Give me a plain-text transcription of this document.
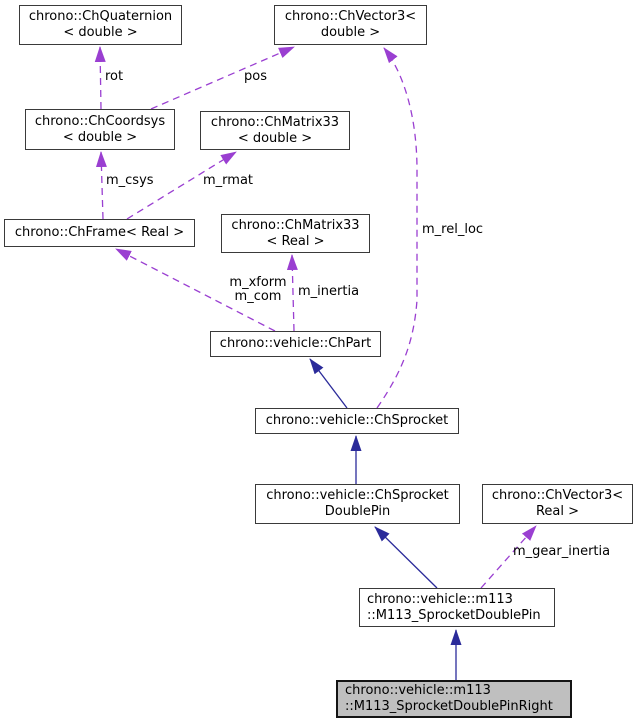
chrono::ChQuaternion
< double >
chrono::ChVector3<
double >
chrono::ChCoordsys
< double >
chrono::ChMatrix33
< double >
chrono::ChFrame< Real >	chrono::ChMatrix33
< Real >
chrono::vehicle::ChPart
chrono::vehicle::ChSprocket
chrono::vehicle::ChSprocket
DoublePin
chrono::ChVector3<
Real >
chrono::vehicle::m113
::M113_SprocketDoublePin
chrono::vehicle::m113
::M113_SprocketDoublePinRight
rot	pos
m_csys	m_rmat
m_xform
m_com	m_inertia
m_rel_loc
m_gear_inertia
